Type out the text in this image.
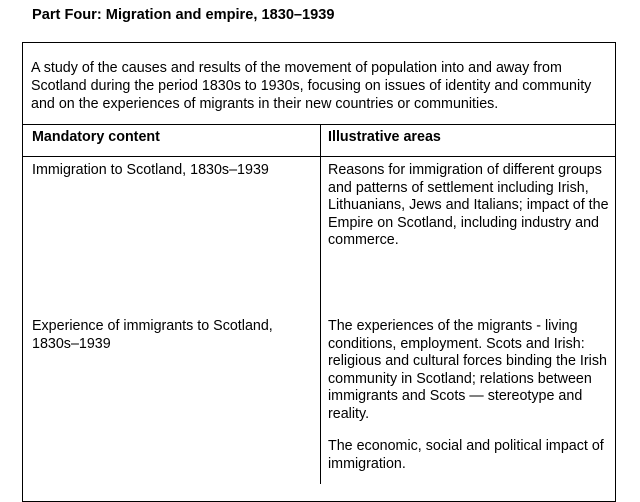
Part Four: Migration and empire, 1830–1939
A study of the causes and results of the movement of population into and away from Scotland during the period 1830s to 1930s, focusing on issues of identity and community and on the experiences of migrants in their new countries or communities.
Mandatory content	Illustrative areas
Immigration to Scotland, 1830s–1939	Reasons for immigration of different groups and patterns of settlement including Irish, Lithuanians, Jews and Italians; impact of the Empire on Scotland, including industry and commerce.
Experience of immigrants to Scotland, 1830s–1939
The experiences of the migrants - living conditions, employment. Scots and Irish: religious and cultural forces binding the Irish community in Scotland; relations between immigrants and Scots — stereotype and reality.
The economic, social and political impact of immigration.
